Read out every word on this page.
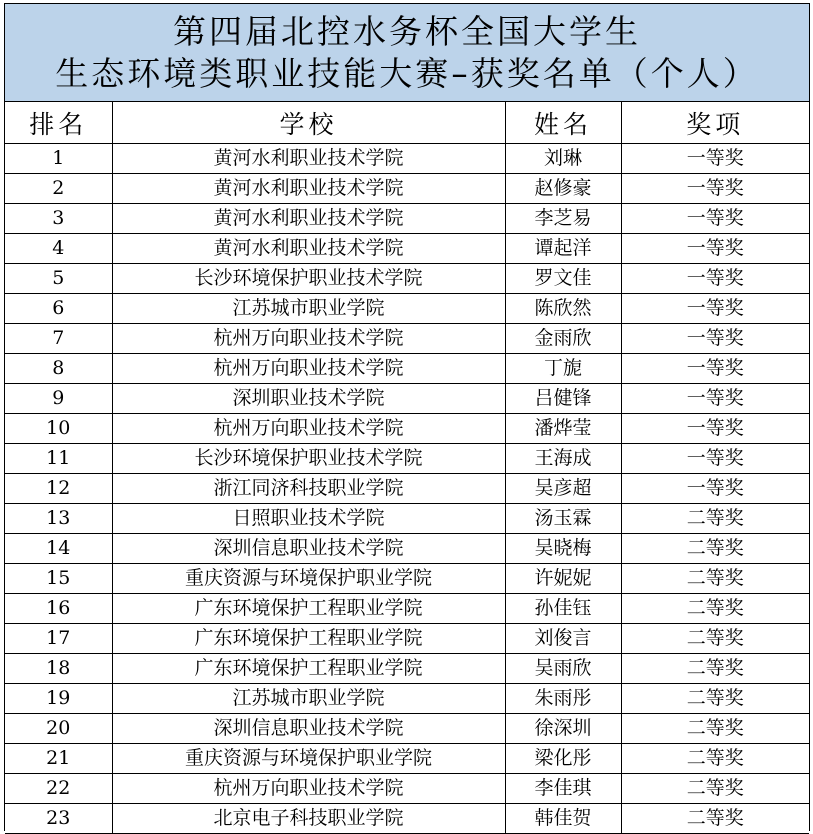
第四届北控水务杯全国大学生
生态环境类职业技能大赛–获奖名单（个人）
排名	学校	姓名	奖项
1	黄河水利职业技术学院	刘琳	一等奖
2	黄河水利职业技术学院	赵修豪	一等奖
3	黄河水利职业技术学院	李芝易	一等奖
4	黄河水利职业技术学院	谭起洋	一等奖
5	长沙环境保护职业技术学院	罗文佳	一等奖
6	江苏城市职业学院	陈欣然	一等奖
7	杭州万向职业技术学院	金雨欣	一等奖
8	杭州万向职业技术学院	丁旎	一等奖
9	深圳职业技术学院	吕健锋	一等奖
10	杭州万向职业技术学院	潘烨莹	一等奖
11	长沙环境保护职业技术学院	王海成	一等奖
12	浙江同济科技职业学院	吴彦超	一等奖
13	日照职业技术学院	汤玉霖	二等奖
14	深圳信息职业技术学院	吴晓梅	二等奖
15	重庆资源与环境保护职业学院	许妮妮	二等奖
16	广东环境保护工程职业学院	孙佳钰	二等奖
17	广东环境保护工程职业学院	刘俊言	二等奖
18	广东环境保护工程职业学院	吴雨欣	二等奖
19	江苏城市职业学院	朱雨彤	二等奖
20	深圳信息职业技术学院	徐深圳	二等奖
21	重庆资源与环境保护职业学院	梁化彤	二等奖
22	杭州万向职业技术学院	李佳琪	二等奖
23	北京电子科技职业学院	韩佳贺	二等奖
